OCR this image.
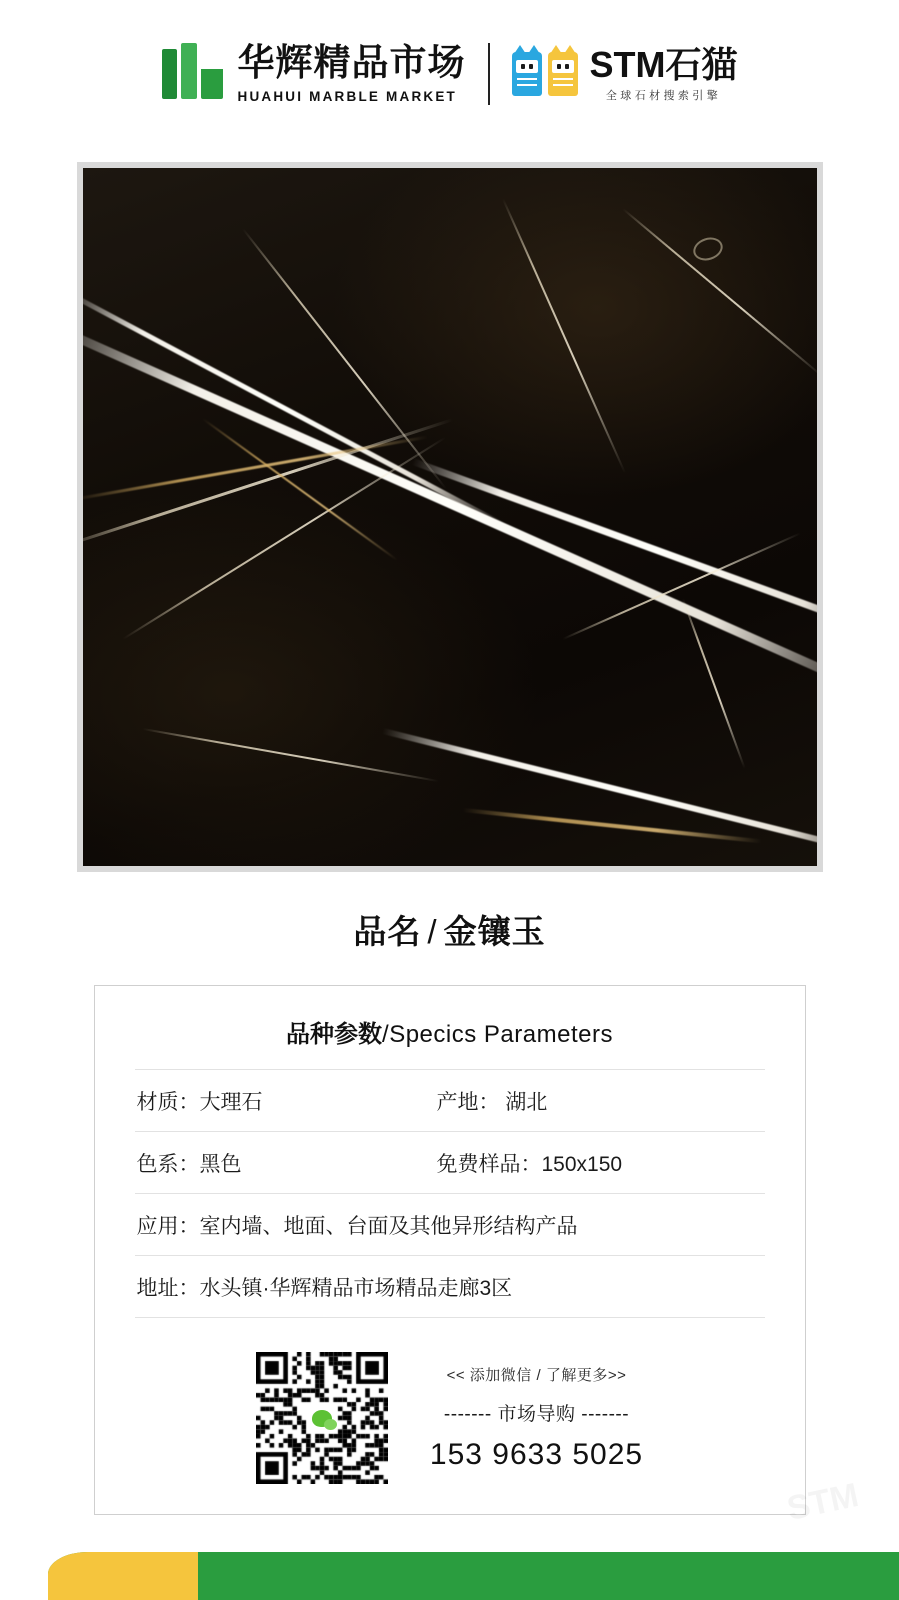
华辉精品市场
HUAHUI MARBLE MARKET
STM石猫
全球石材搜索引擎
品名 / 金镶玉
品种参数/Specics Parameters
材质：大理石	产地： 湖北
色系：黑色	免费样品：150x150
应用：室内墙、地面、台面及其他异形结构产品
地址：水头镇·华辉精品市场精品走廊3区
<< 添加微信 / 了解更多>>
------- 市场导购 -------
153 9633 5025
